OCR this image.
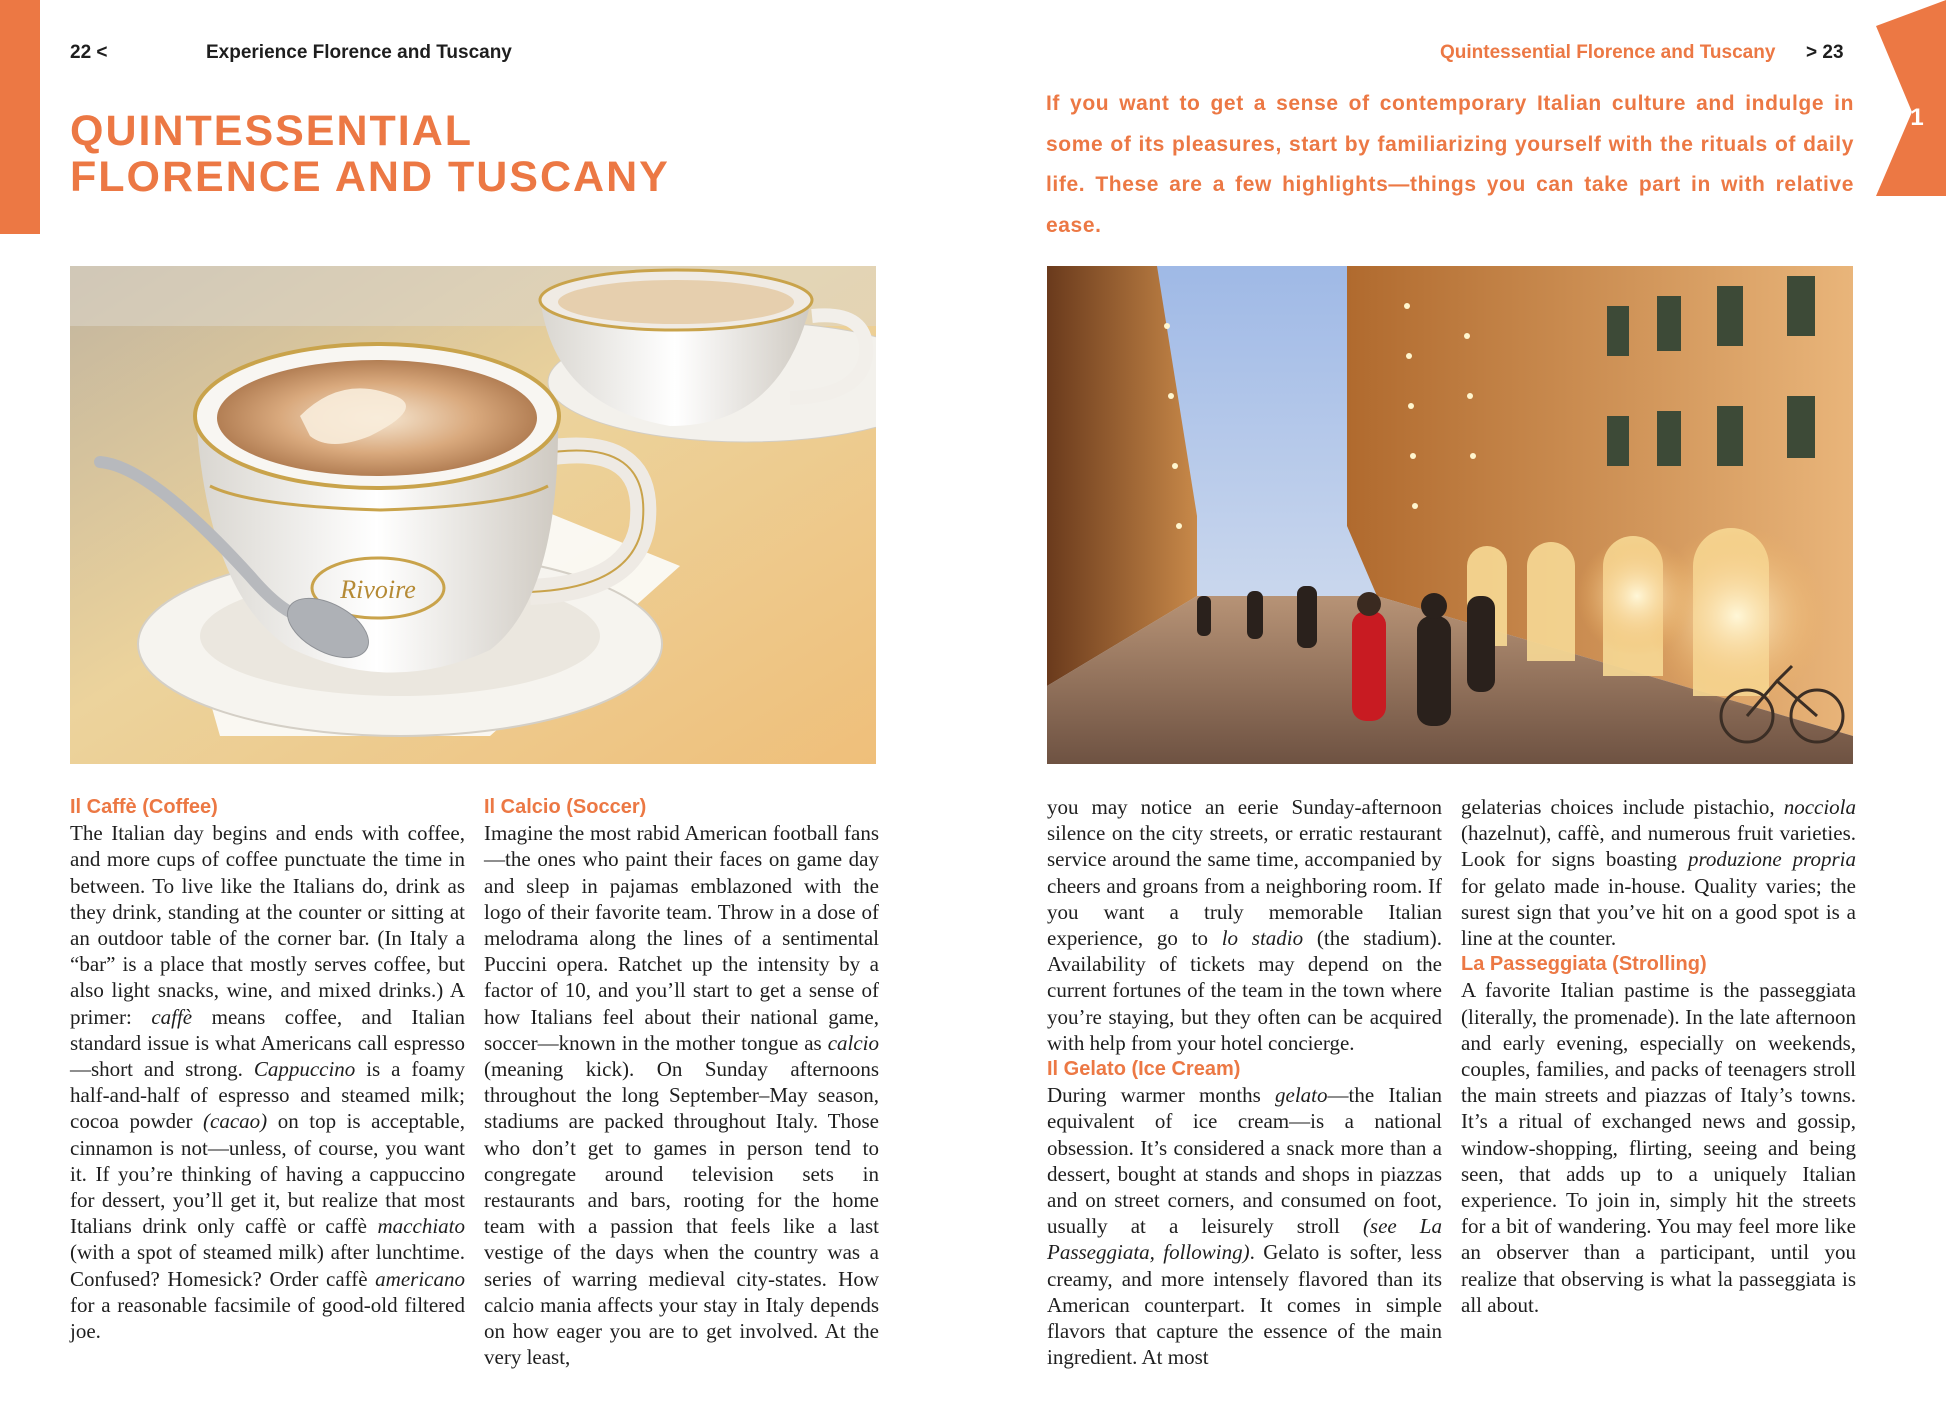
1
22 <	Experience Florence and Tuscany	Quintessential Florence and Tuscany > 23
QUINTESSENTIAL
FLORENCE AND TUSCANY
If you want to get a sense of contemporary Italian culture and indulge in some of its pleasures, start by familiarizing yourself with the rituals of daily life. These are a few highlights—things you can take part in with relative ease.
Rivoire
Il Caffè (Coffee)

The Italian day begins and ends with coffee, and more cups of coffee punctuate the time in between. To live like the Italians do, drink as they drink, standing at the counter or sitting at an outdoor table of the corner bar. (In Italy a “bar” is a place that mostly serves coffee, but also light snacks, wine, and mixed drinks.) A primer: caffè means coffee, and Italian standard issue is what Americans call espresso—short and strong. Cappuccino is a foamy half-and-half of espresso and steamed milk; cocoa powder (cacao) on top is acceptable, cinnamon is not—unless, of course, you want it. If you’re thinking of having a cappuccino for dessert, you’ll get it, but realize that most Italians drink only caffè or caffè macchiato (with a spot of steamed milk) after lunchtime. Confused? Homesick? Order caffè americano for a reasonable facsimile of good-old filtered joe.

Il Calcio (Soccer)

Imagine the most rabid American football fans—the ones who paint their faces on game day and sleep in pajamas emblazoned with the logo of their favorite team. Throw in a dose of melodrama along the lines of a sentimental Puccini opera. Ratchet up the intensity by a factor of 10, and you’ll start to get a sense of how Italians feel about their national game, soccer—known in the mother tongue as calcio (meaning kick). On Sunday afternoons throughout the long September–May season, stadiums are packed throughout Italy. Those who don’t get to games in person tend to congregate around television sets in restaurants and bars, rooting for the home team with a passion that feels like a last vestige of the days when the country was a series of warring medieval city-states. How calcio mania affects your stay in Italy depends on how eager you are to get involved. At the very least,

you may notice an eerie Sunday-afternoon silence on the city streets, or erratic restaurant service around the same time, accompanied by cheers and groans from a neighboring room. If you want a truly memorable Italian experience, go to lo stadio (the stadium). Availability of tickets may depend on the current fortunes of the team in the town where you’re staying, but they often can be acquired with help from your hotel concierge.

Il Gelato (Ice Cream)

During warmer months gelato—the Italian equivalent of ice cream—is a national obsession. It’s considered a snack more than a dessert, bought at stands and shops in piazzas and on street corners, and consumed on foot, usually at a leisurely stroll (see La Passeggiata, following). Gelato is softer, less creamy, and more intensely flavored than its American counterpart. It comes in simple flavors that capture the essence of the main ingredient. At most

gelaterias choices include pistachio, nocciola (hazelnut), caffè, and numerous fruit varieties. Look for signs boasting produzione propria for gelato made in-house. Quality varies; the surest sign that you’ve hit on a good spot is a line at the counter.

La Passeggiata (Strolling)

A favorite Italian pastime is the passeggiata (literally, the promenade). In the late afternoon and early evening, especially on weekends, couples, families, and packs of teenagers stroll the main streets and piazzas of Italy’s towns. It’s a ritual of exchanged news and gossip, window-shopping, flirting, seeing and being seen, that adds up to a uniquely Italian experience. To join in, simply hit the streets for a bit of wandering. You may feel more like an observer than a participant, until you realize that observing is what la passeggiata is all about.
